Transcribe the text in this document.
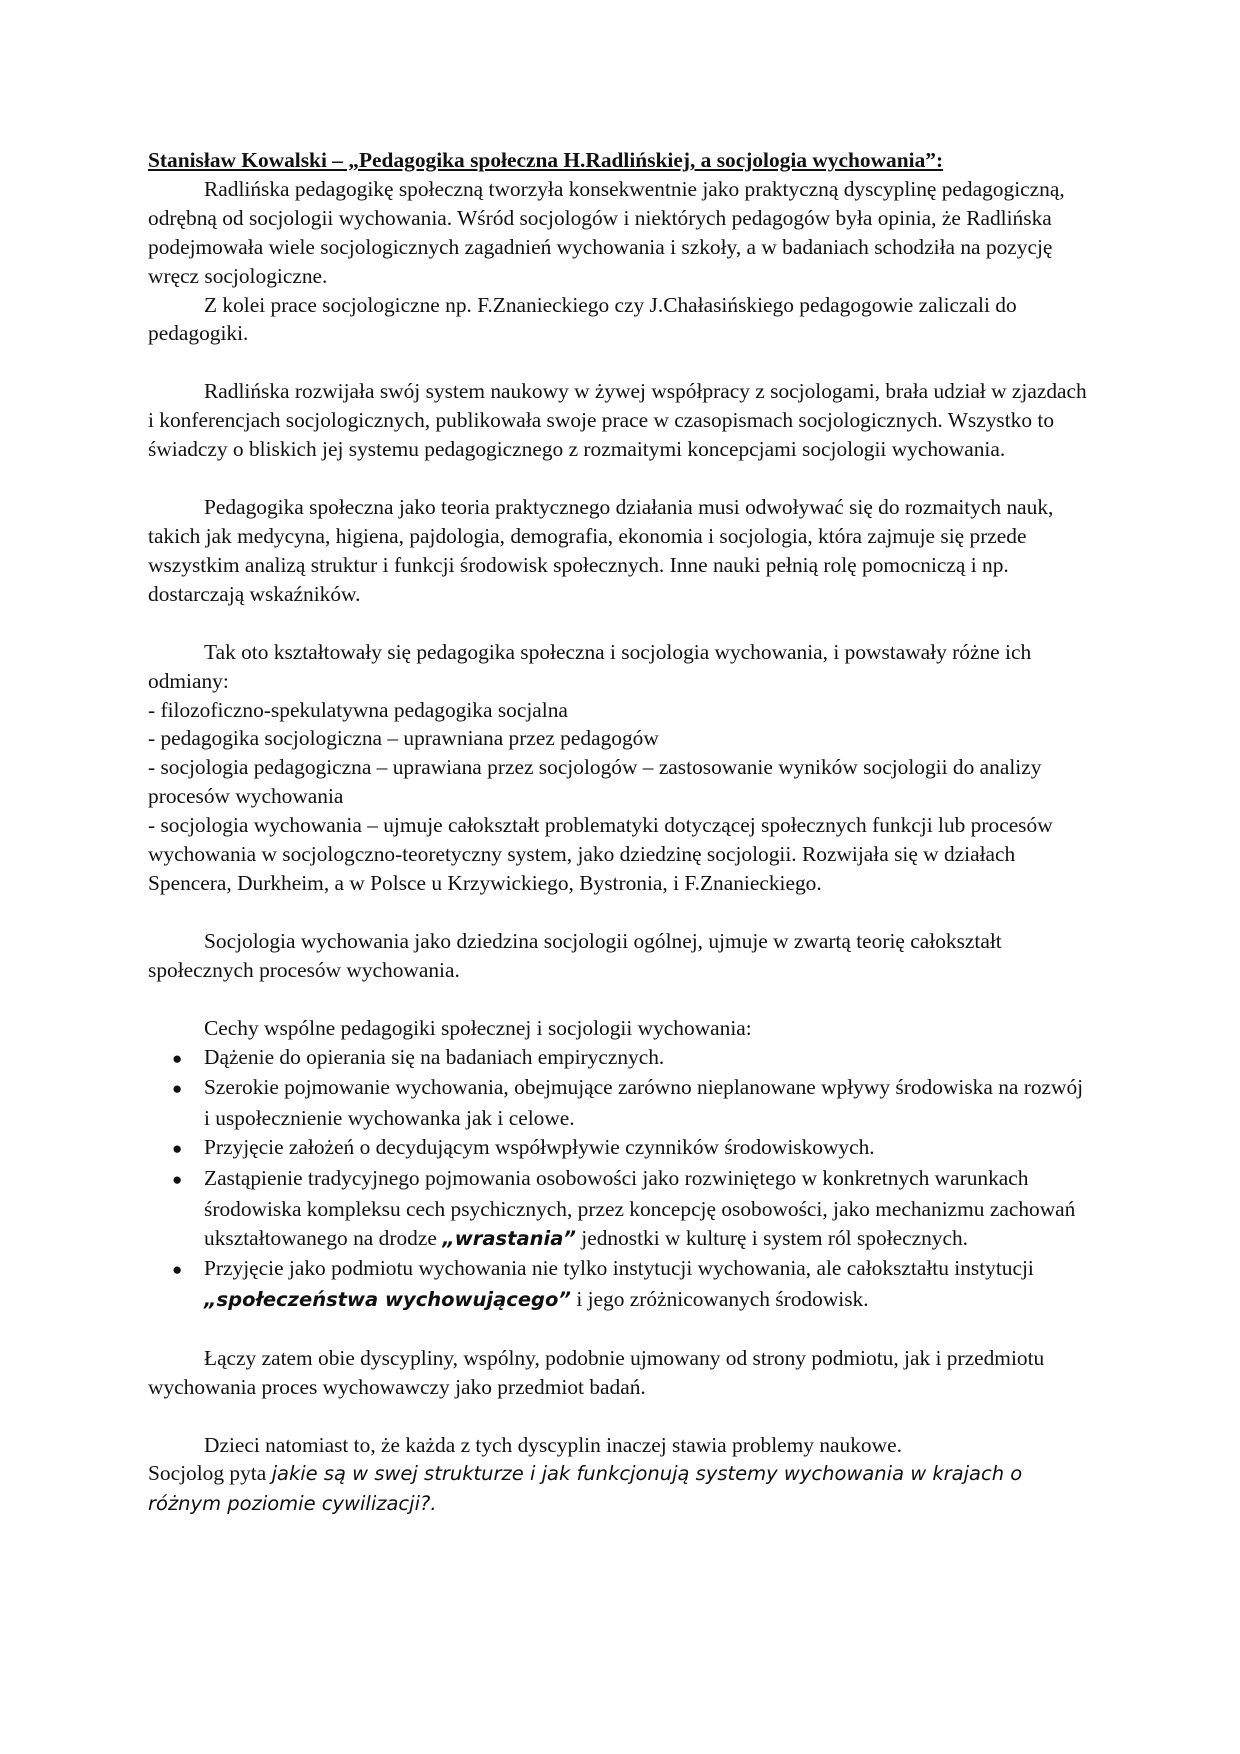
Stanisław Kowalski – „Pedagogika społeczna H.Radlińskiej, a socjologia wychowania”:

Radlińska pedagogikę społeczną tworzyła konsekwentnie jako praktyczną dyscyplinę pedagogiczną, odrębną od socjologii wychowania. Wśród socjologów i niektórych pedagogów była opinia, że Radlińska podejmowała wiele socjologicznych zagadnień wychowania i szkoły, a w badaniach schodziła na pozycję wręcz socjologiczne.

Z kolei prace socjologiczne np. F.Znanieckiego czy J.Chałasińskiego pedagogowie zaliczali do pedagogiki.

Radlińska rozwijała swój system naukowy w żywej współpracy z socjologami, brała udział w zjazdach i konferencjach socjologicznych, publikowała swoje prace w czasopismach socjologicznych. Wszystko to świadczy o bliskich jej systemu pedagogicznego z rozmaitymi koncepcjami socjologii wychowania.

Pedagogika społeczna jako teoria praktycznego działania musi odwoływać się do rozmaitych nauk, takich jak medycyna, higiena, pajdologia, demografia, ekonomia i socjologia, która zajmuje się przede wszystkim analizą struktur i funkcji środowisk społecznych. Inne nauki pełnią rolę pomocniczą i np. dostarczają wskaźników.

Tak oto kształtowały się pedagogika społeczna i socjologia wychowania, i powstawały różne ich odmiany:

- filozoficzno-spekulatywna pedagogika socjalna
- pedagogika socjologiczna – uprawniana przez pedagogów
- socjologia pedagogiczna – uprawiana przez socjologów – zastosowanie wyników socjologii do analizy procesów wychowania
- socjologia wychowania – ujmuje całokształt problematyki dotyczącej społecznych funkcji lub procesów wychowania w socjologczno-teoretyczny system, jako dziedzinę socjologii. Rozwijała się w działach Spencera, Durkheim, a w Polsce u Krzywickiego, Bystronia, i F.Znanieckiego.

Socjologia wychowania jako dziedzina socjologii ogólnej, ujmuje w zwartą teorię całokształt społecznych procesów wychowania.

Cechy wspólne pedagogiki społecznej i socjologii wychowania:

● Dążenie do opierania się na badaniach empirycznych.
● Szerokie pojmowanie wychowania, obejmujące zarówno nieplanowane wpływy środowiska na rozwój i uspołecznienie wychowanka jak i celowe.
● Przyjęcie założeń o decydującym współwpływie czynników środowiskowych.
● Zastąpienie tradycyjnego pojmowania osobowości jako rozwiniętego w konkretnych warunkach środowiska kompleksu cech psychicznych, przez koncepcję osobowości, jako mechanizmu zachowań ukształtowanego na drodze „wrastania” jednostki w kulturę i system ról społecznych.
● Przyjęcie jako podmiotu wychowania nie tylko instytucji wychowania, ale całokształtu instytucji „społeczeństwa wychowującego” i jego zróżnicowanych środowisk.

Łączy zatem obie dyscypliny, wspólny, podobnie ujmowany od strony podmiotu, jak i przedmiotu wychowania proces wychowawczy jako przedmiot badań.

Dzieci natomiast to, że każda z tych dyscyplin inaczej stawia problemy naukowe.

Socjolog pyta jakie są w swej strukturze i jak funkcjonują systemy wychowania w krajach o różnym poziomie cywilizacji?.
